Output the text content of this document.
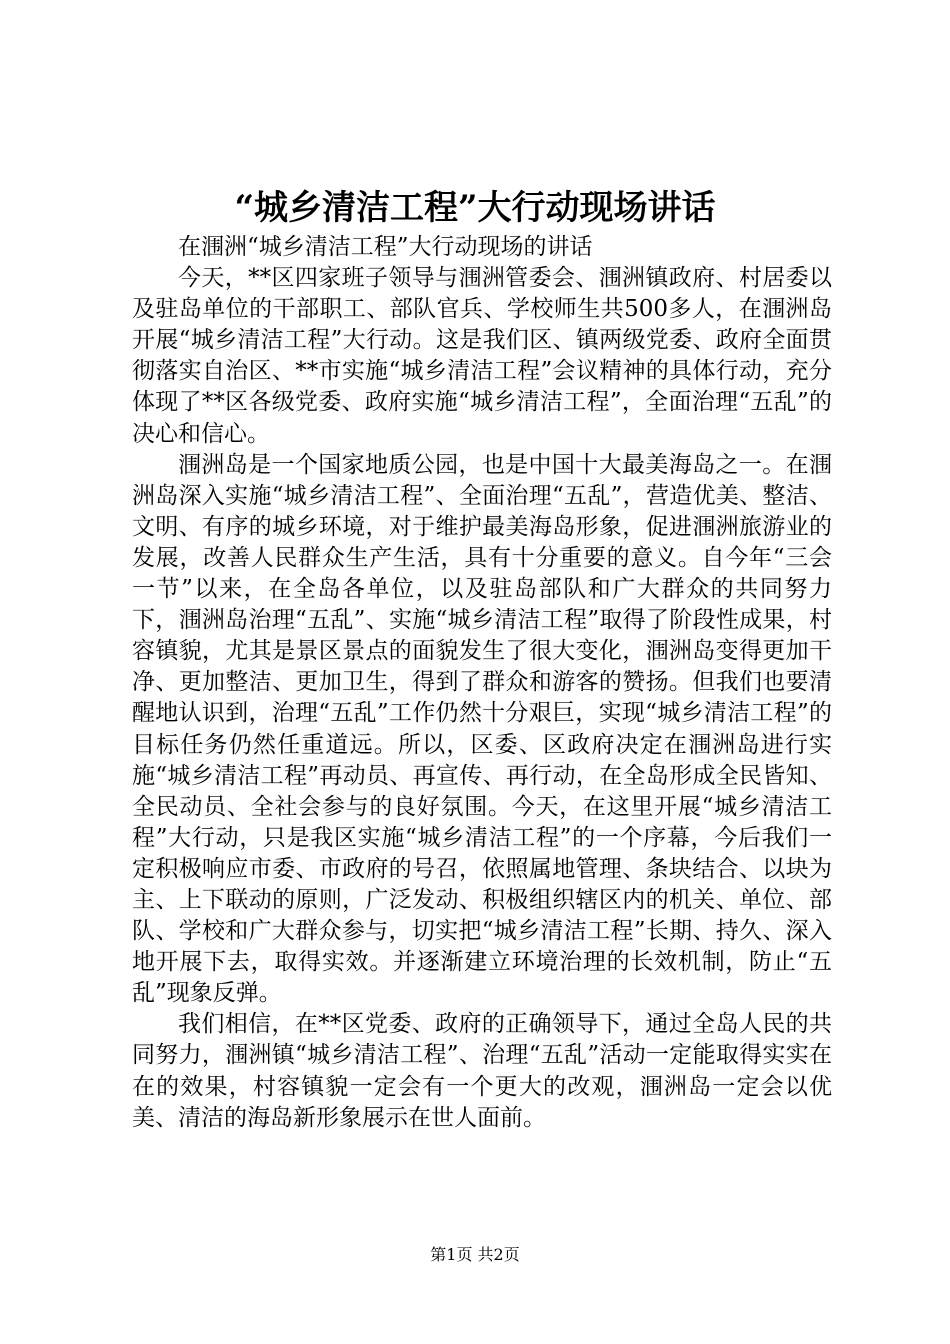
“城乡清洁工程”大行动现场讲话

在涠洲“城乡清洁工程”大行动现场的讲话

今天，**区四家班子领导与涠洲管委会、涠洲镇政府、村居委以及驻岛单位的干部职工、部队官兵、学校师生共500多人，在涠洲岛开展“城乡清洁工程”大行动。这是我们区、镇两级党委、政府全面贯彻落实自治区、**市实施“城乡清洁工程”会议精神的具体行动，充分体现了**区各级党委、政府实施“城乡清洁工程”，全面治理“五乱”的决心和信心。

涠洲岛是一个国家地质公园，也是中国十大最美海岛之一。在涠洲岛深入实施“城乡清洁工程”、全面治理“五乱”，营造优美、整洁、文明、有序的城乡环境，对于维护最美海岛形象，促进涠洲旅游业的发展，改善人民群众生产生活，具有十分重要的意义。自今年“三会一节”以来，在全岛各单位，以及驻岛部队和广大群众的共同努力下，涠洲岛治理“五乱”、实施“城乡清洁工程”取得了阶段性成果，村容镇貌，尤其是景区景点的面貌发生了很大变化，涠洲岛变得更加干净、更加整洁、更加卫生，得到了群众和游客的赞扬。但我们也要清醒地认识到，治理“五乱”工作仍然十分艰巨，实现“城乡清洁工程”的目标任务仍然任重道远。所以，区委、区政府决定在涠洲岛进行实施“城乡清洁工程”再动员、再宣传、再行动，在全岛形成全民皆知、全民动员、全社会参与的良好氛围。今天，在这里开展“城乡清洁工程”大行动，只是我区实施“城乡清洁工程”的一个序幕，今后我们一定积极响应市委、市政府的号召，依照属地管理、条块结合、以块为主、上下联动的原则，广泛发动、积极组织辖区内的机关、单位、部队、学校和广大群众参与，切实把“城乡清洁工程”长期、持久、深入地开展下去，取得实效。并逐渐建立环境治理的长效机制，防止“五乱”现象反弹。

我们相信，在**区党委、政府的正确领导下，通过全岛人民的共同努力，涠洲镇“城乡清洁工程”、治理“五乱”活动一定能取得实实在在的效果，村容镇貌一定会有一个更大的改观，涠洲岛一定会以优美、清洁的海岛新形象展示在世人面前。

第1页 共2页
